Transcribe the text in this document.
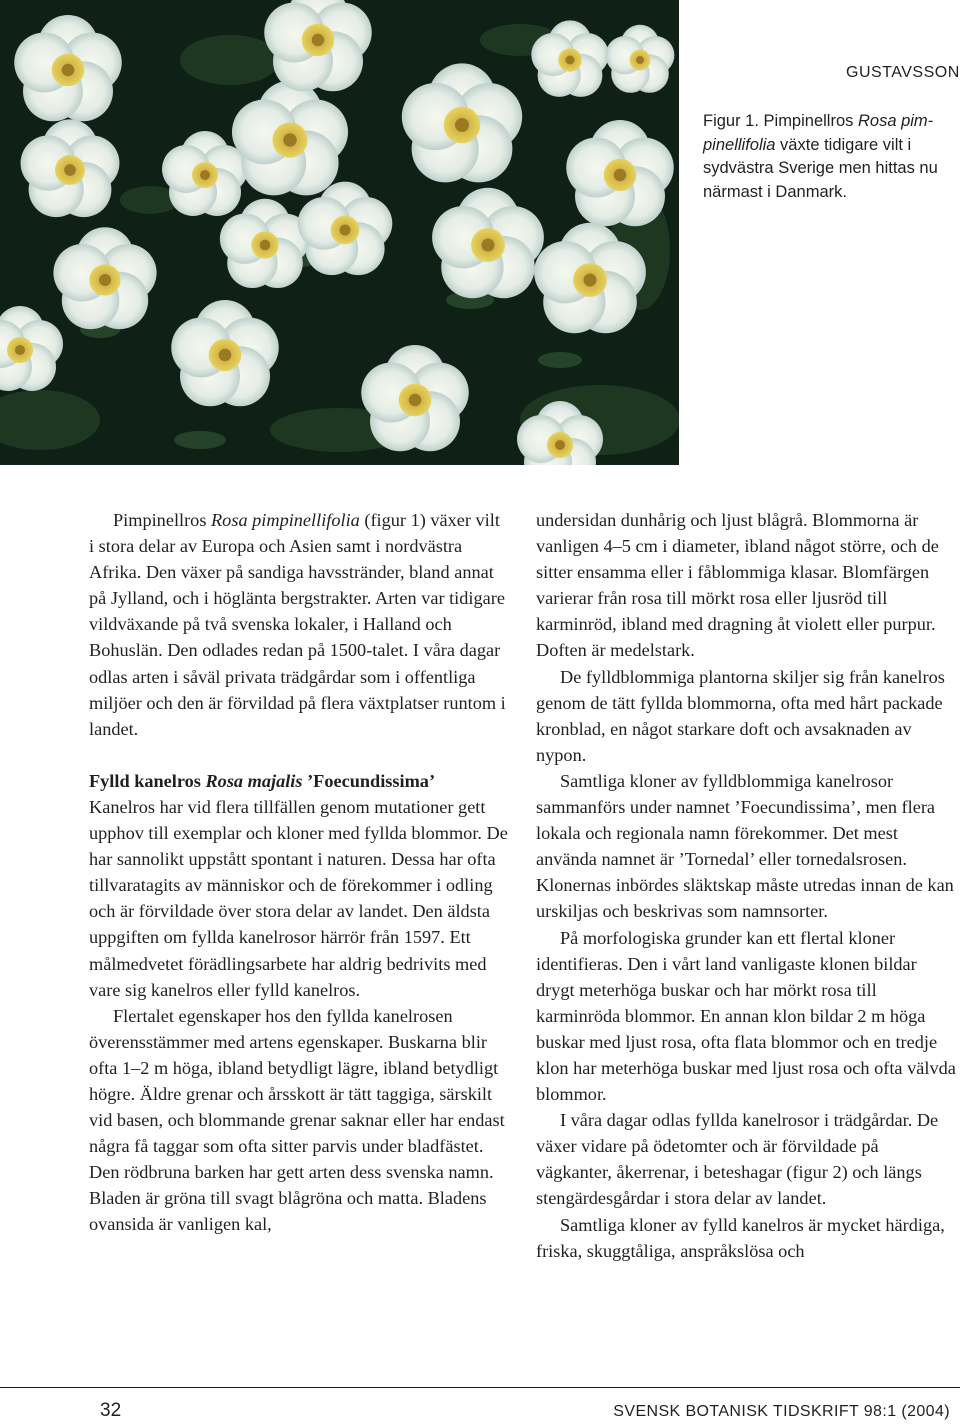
GUSTAVSSON

Figur 1. Pimpinellros Rosa pim-pinellifolia växte tidigare vilt i sydvästra Sverige men hittas nu närmast i Danmark.

Pimpinellros Rosa pimpinellifolia (figur 1) växer vilt i stora delar av Europa och Asien samt i nordvästra Afrika. Den växer på sandiga havsstränder, bland annat på Jylland, och i höglänta bergstrakter. Arten var tidigare vildväxande på två svenska lokaler, i Halland och Bohuslän. Den odlades redan på 1500-talet. I våra dagar odlas arten i såväl privata trädgårdar som i offentliga miljöer och den är förvildad på flera växtplatser runtom i landet.

Fylld kanelros Rosa majalis ’Foecundissima’

Kanelros har vid flera tillfällen genom mutationer gett upphov till exemplar och kloner med fyllda blommor. De har sannolikt uppstått spontant i naturen. Dessa har ofta tillvaratagits av människor och de förekommer i odling och är förvildade över stora delar av landet. Den äldsta uppgiften om fyllda kanelrosor härrör från 1597. Ett målmedvetet förädlingsarbete har aldrig bedrivits med vare sig kanelros eller fylld kanelros.

Flertalet egenskaper hos den fyllda kanelrosen överensstämmer med artens egenskaper. Buskarna blir ofta 1–2 m höga, ibland betydligt lägre, ibland betydligt högre. Äldre grenar och årsskott är tätt taggiga, särskilt vid basen, och blommande grenar saknar eller har endast några få taggar som ofta sitter parvis under bladfästet. Den rödbruna barken har gett arten dess svenska namn. Bladen är gröna till svagt blågröna och matta. Bladens ovansida är vanligen kal,

undersidan dunhårig och ljust blågrå. Blommorna är vanligen 4–5 cm i diameter, ibland något större, och de sitter ensamma eller i fåblommiga klasar. Blomfärgen varierar från rosa till mörkt rosa eller ljusröd till karminröd, ibland med dragning åt violett eller purpur. Doften är medelstark.

De fylldblommiga plantorna skiljer sig från kanelros genom de tätt fyllda blommorna, ofta med hårt packade kronblad, en något starkare doft och avsaknaden av nypon.

Samtliga kloner av fylldblommiga kanelrosor sammanförs under namnet ’Foecundissima’, men flera lokala och regionala namn förekommer. Det mest använda namnet är ’Tornedal’ eller tornedalsrosen. Klonernas inbördes släktskap måste utredas innan de kan urskiljas och beskrivas som namnsorter.

På morfologiska grunder kan ett flertal kloner identifieras. Den i vårt land vanligaste klonen bildar drygt meterhöga buskar och har mörkt rosa till karminröda blommor. En annan klon bildar 2 m höga buskar med ljust rosa, ofta flata blommor och en tredje klon har meterhöga buskar med ljust rosa och ofta välvda blommor.

I våra dagar odlas fyllda kanelrosor i trädgårdar. De växer vidare på ödetomter och är förvildade på vägkanter, åkerrenar, i beteshagar (figur 2) och längs stengärdesgårdar i stora delar av landet.

Samtliga kloner av fylld kanelros är mycket härdiga, friska, skuggtåliga, anspråkslösa och

32	SVENSK BOTANISK TIDSKRIFT 98:1 (2004)
